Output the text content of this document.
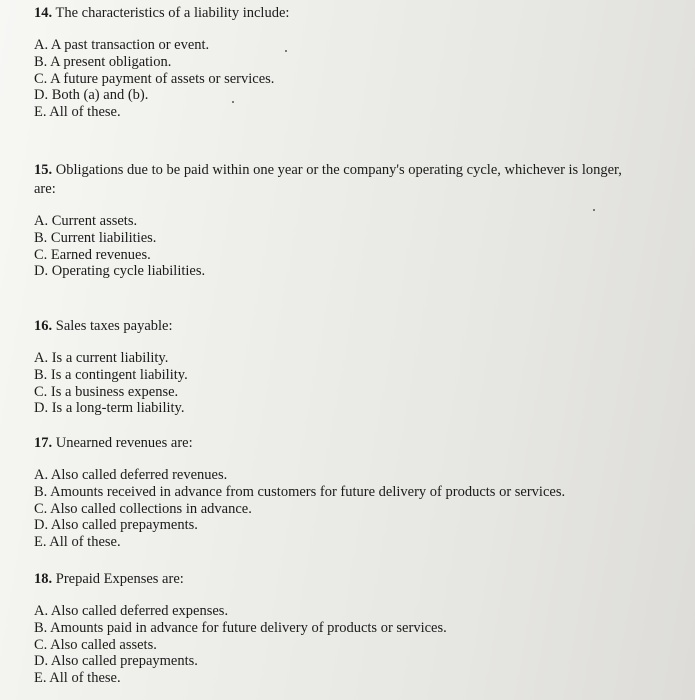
14. The characteristics of a liability include:

A. A past transaction or event.
B. A present obligation.
C. A future payment of assets or services.
D. Both (a) and (b).
E. All of these.

15. Obligations due to be paid within one year or the company's operating cycle, whichever is longer, are:

A. Current assets.
B. Current liabilities.
C. Earned revenues.
D. Operating cycle liabilities.

16. Sales taxes payable:

A. Is a current liability.
B. Is a contingent liability.
C. Is a business expense.
D. Is a long-term liability.

17. Unearned revenues are:

A. Also called deferred revenues.
B. Amounts received in advance from customers for future delivery of products or services.
C. Also called collections in advance.
D. Also called prepayments.
E. All of these.

18. Prepaid Expenses are:

A. Also called deferred expenses.
B. Amounts paid in advance for future delivery of products or services.
C. Also called assets.
D. Also called prepayments.
E. All of these.
